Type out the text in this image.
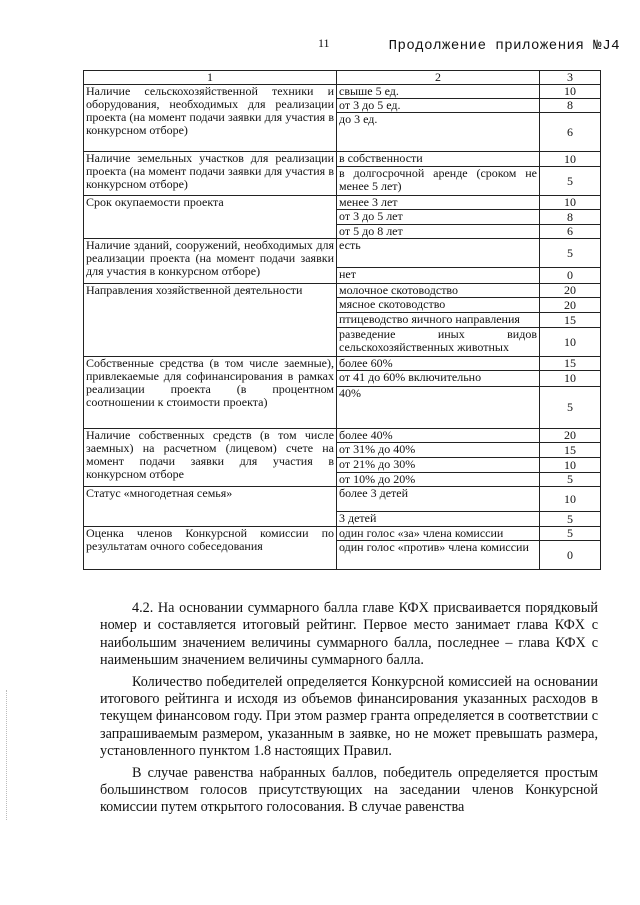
11	Продолжение приложения №J4
1	2	3
Наличие сельскохозяйственной техники и оборудования, необходимых для реализации проекта (на момент подачи заявки для участия в конкурсном отборе)	свыше 5 ед.	10
	от 3 до 5 ед.	8
	до 3 ед.	6
Наличие земельных участков для реализации проекта (на момент подачи заявки для участия в конкурсном отборе)	в собственности	10
	в долгосрочной аренде (сроком не менее 5 лет)	5
Срок окупаемости проекта	менее 3 лет	10
	от 3 до 5 лет	8
	от 5 до 8 лет	6
Наличие зданий, сооружений, необходимых для реализации проекта (на момент подачи заявки для участия в конкурсном отборе)	есть	5
	нет	0
Направления хозяйственной деятельности	молочное скотоводство	20
	мясное скотоводство	20
	птицеводство яичного направления	15
	разведение иных видов сельскохозяйственных животных	10
Собственные средства (в том числе заемные), привлекаемые для софинансирования в рамках реализации проекта (в процентном соотношении к стоимости проекта)	более 60%	15
	от 41 до 60% включительно	10
	40%	5
Наличие собственных средств (в том числе заемных) на расчетном (лицевом) счете на момент подачи заявки для участия в конкурсном отборе	более 40%	20
	от 31% до 40%	15
	от 21% до 30%	10
	от 10% до 20%	5
Статус «многодетная семья»	более 3 детей	10
	3 детей	5
Оценка членов Конкурсной комиссии по результатам очного собеседования	один голос «за» члена комиссии	5
	один голос «против» члена комиссии	0

4.2. На основании суммарного балла главе КФХ присваивается порядковый номер и составляется итоговый рейтинг. Первое место занимает глава КФХ с наибольшим значением величины суммарного балла, последнее – глава КФХ с наименьшим значением величины суммарного балла.

Количество победителей определяется Конкурсной комиссией на основании итогового рейтинга и исходя из объемов финансирования указанных расходов в текущем финансовом году. При этом размер гранта определяется в соответствии с запрашиваемым размером, указанным в заявке, но не может превышать размера, установленного пунктом 1.8 настоящих Правил.

В случае равенства набранных баллов, победитель определяется простым большинством голосов присутствующих на заседании членов Конкурсной комиссии путем открытого голосования. В случае равенства
